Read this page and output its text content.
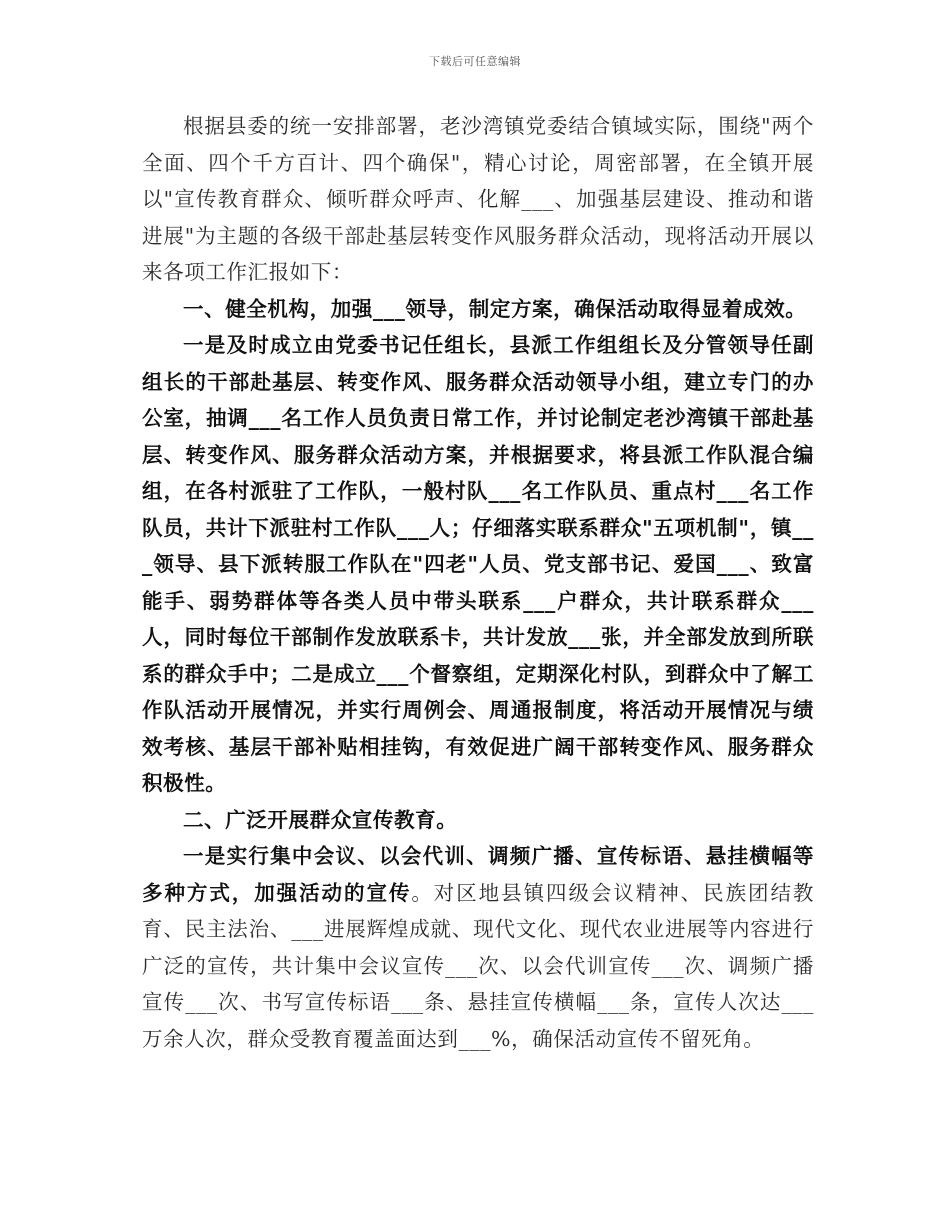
下载后可任意编辑

根据县委的统一安排部署，老沙湾镇党委结合镇域实际，围绕"两个全面、四个千方百计、四个确保"，精心讨论，周密部署，在全镇开展以"宣传教育群众、倾听群众呼声、化解___、加强基层建设、推动和谐进展"为主题的各级干部赴基层转变作风服务群众活动，现将活动开展以来各项工作汇报如下：

一、健全机构，加强___领导，制定方案，确保活动取得显着成效。

一是及时成立由党委书记任组长，县派工作组组长及分管领导任副组长的干部赴基层、转变作风、服务群众活动领导小组，建立专门的办公室，抽调___名工作人员负责日常工作，并讨论制定老沙湾镇干部赴基层、转变作风、服务群众活动方案，并根据要求，将县派工作队混合编组，在各村派驻了工作队，一般村队___名工作队员、重点村___名工作队员，共计下派驻村工作队___人；仔细落实联系群众"五项机制"，镇___领导、县下派转服工作队在"四老"人员、党支部书记、爱国___、致富能手、弱势群体等各类人员中带头联系___户群众，共计联系群众___人，同时每位干部制作发放联系卡，共计发放___张，并全部发放到所联系的群众手中；二是成立___个督察组，定期深化村队，到群众中了解工作队活动开展情况，并实行周例会、周通报制度，将活动开展情况与绩效考核、基层干部补贴相挂钩，有效促进广阔干部转变作风、服务群众积极性。

二、广泛开展群众宣传教育。

一是实行集中会议、以会代训、调频广播、宣传标语、悬挂横幅等多种方式，加强活动的宣传。对区地县镇四级会议精神、民族团结教育、民主法治、___进展辉煌成就、现代文化、现代农业进展等内容进行广泛的宣传，共计集中会议宣传___次、以会代训宣传___次、调频广播宣传___次、书写宣传标语___条、悬挂宣传横幅___条，宣传人次达___万余人次，群众受教育覆盖面达到___%，确保活动宣传不留死角。
